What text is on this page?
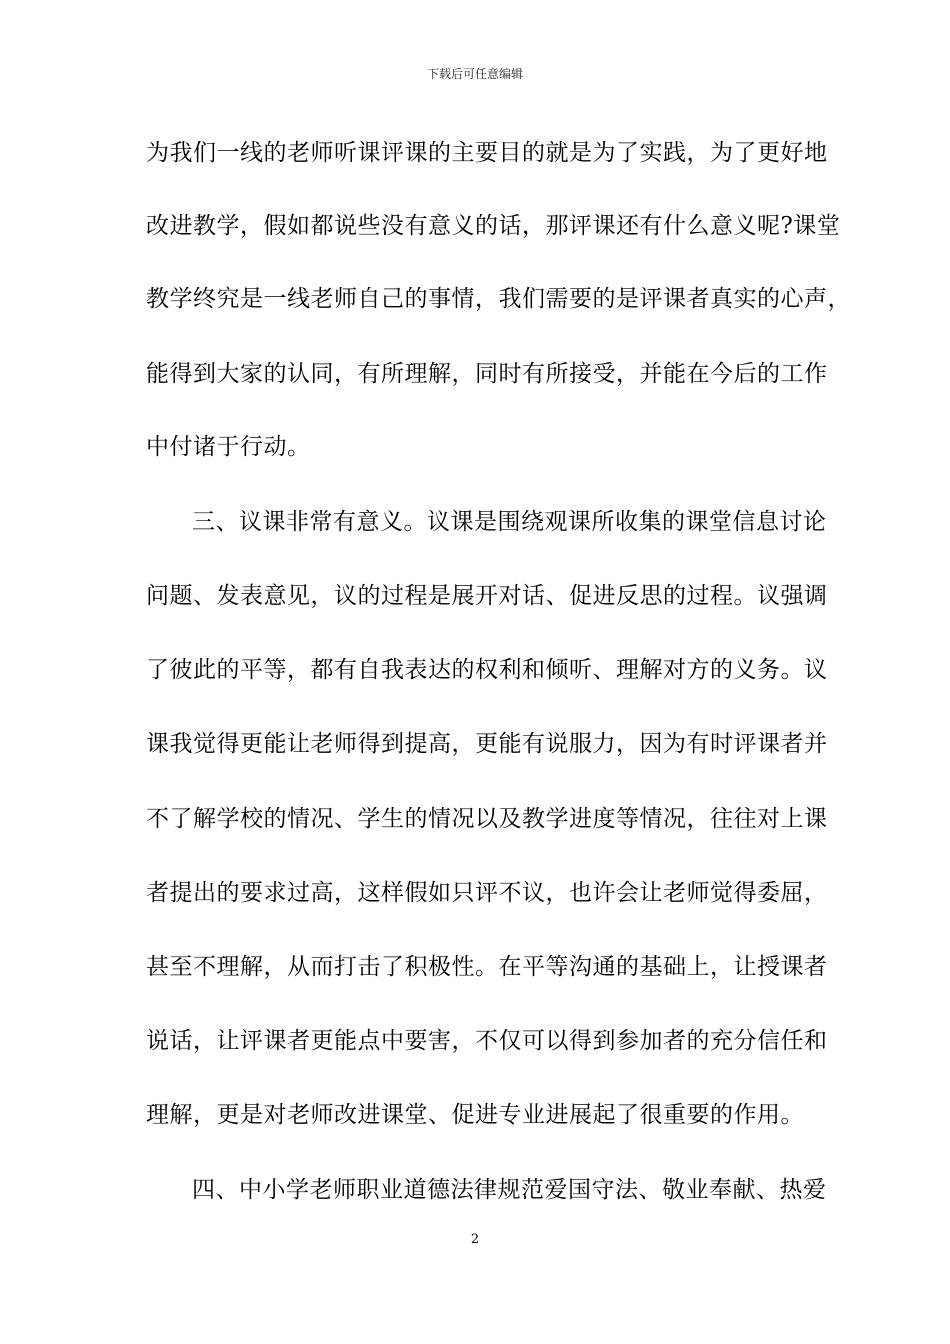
下载后可任意编辑
为我们一线的老师听课评课的主要目的就是为了实践，为了更好地
改进教学，假如都说些没有意义的话，那评课还有什么意义呢?课堂
教学终究是一线老师自己的事情，我们需要的是评课者真实的心声，
能得到大家的认同，有所理解，同时有所接受，并能在今后的工作
中付诸于行动。
三、议课非常有意义。议课是围绕观课所收集的课堂信息讨论
问题、发表意见，议的过程是展开对话、促进反思的过程。议强调
了彼此的平等，都有自我表达的权利和倾听、理解对方的义务。议
课我觉得更能让老师得到提高，更能有说服力，因为有时评课者并
不了解学校的情况、学生的情况以及教学进度等情况，往往对上课
者提出的要求过高，这样假如只评不议，也许会让老师觉得委屈，
甚至不理解，从而打击了积极性。在平等沟通的基础上，让授课者
说话，让评课者更能点中要害，不仅可以得到参加者的充分信任和
理解，更是对老师改进课堂、促进专业进展起了很重要的作用。
四、中小学老师职业道德法律规范爱国守法、敬业奉献、热爱
2
